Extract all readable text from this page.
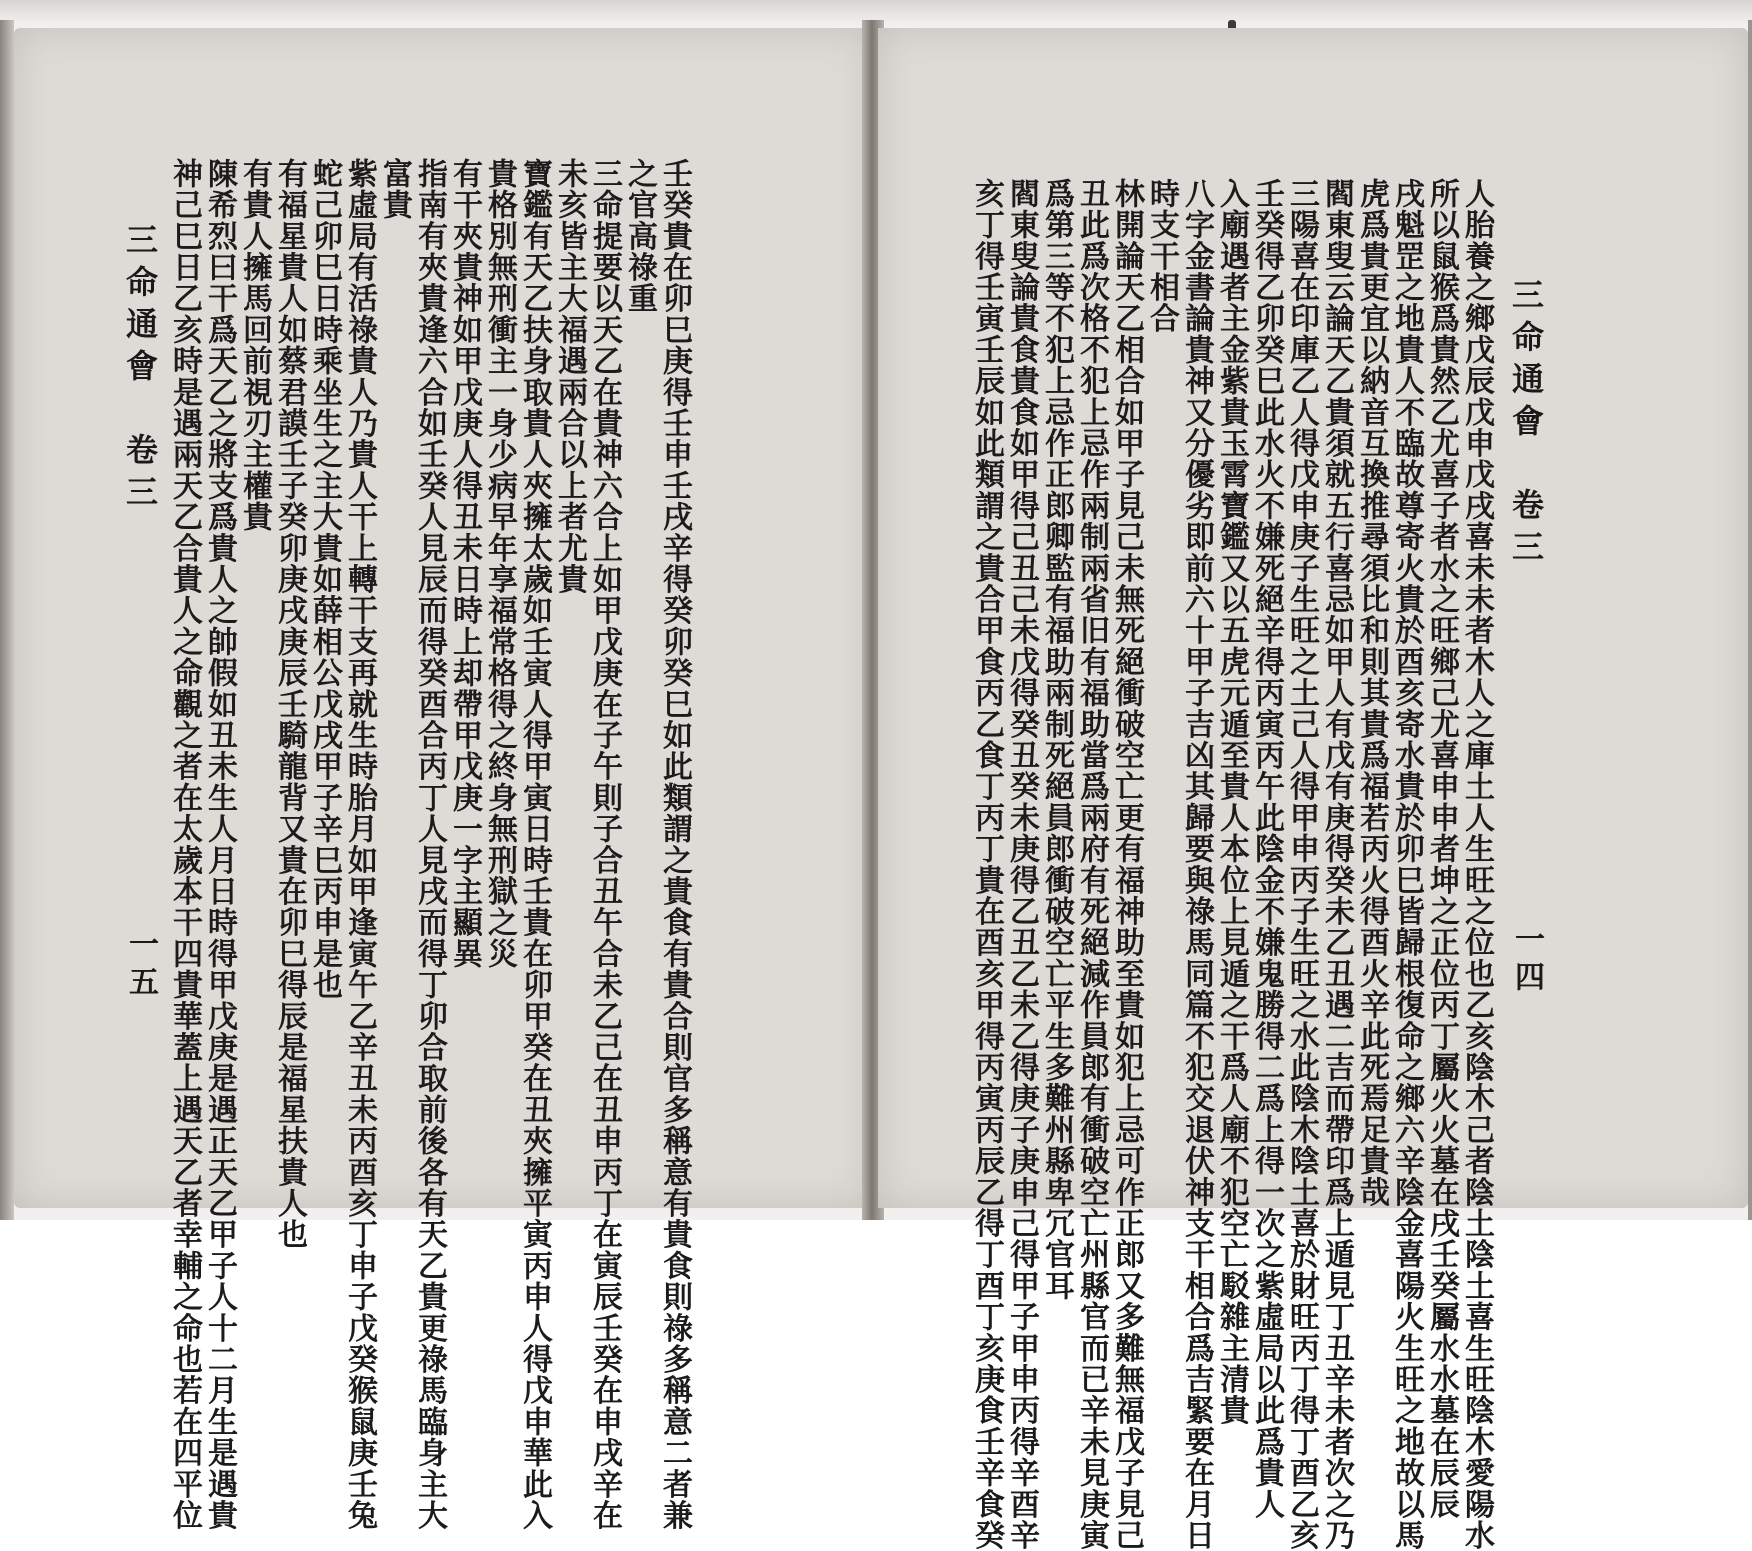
三命通會　卷三
一五 神己巳日乙亥時是遇兩天乙合貴人之命觀之者在太歲本干四貴華蓋上遇天乙者幸輔之命也若在四平位 陳希烈曰干爲天乙之將支爲貴人之帥假如丑未生人月日時得甲戊庚是遇正天乙甲子人十二月生是遇貴 有貴人擁馬回前視刃主權貴 有福星貴人如蔡君謨壬子癸卯庚戌庚辰壬騎龍背又貴在卯巳得辰是福星扶貴人也 蛇己卯巳日時乘坐生之主大貴如薛相公戊戌甲子辛巳丙申是也 紫虛局有活祿貴人乃貴人干上轉干支再就生時胎月如甲逢寅午乙辛丑未丙酉亥丁申子戊癸猴鼠庚壬兔 富貴 指南有夾貴逢六合如壬癸人見辰而得癸酉合丙丁人見戌而得丁卯合取前後各有天乙貴更祿馬臨身主大 有干夾貴神如甲戊庚人得丑未日時上却帶甲戊庚一字主顯異 貴格別無刑衝主一身少病早年享福常格得之終身無刑獄之災 寶鑑有天乙扶身取貴人夾擁太歲如壬寅人得甲寅日時壬貴在卯甲癸在丑夾擁平寅丙申人得戊申華此入 未亥皆主大福遇兩合以上者尤貴 三命提要以天乙在貴神六合上如甲戊庚在子午則子合丑午合未乙己在丑申丙丁在寅辰壬癸在申戌辛在 之官高祿重 壬癸貴在卯巳庚得壬申壬戌辛得癸卯癸巳如此類謂之貴食有貴合則官多稱意有貴食則祿多稱意二者兼	亥丁得壬寅壬辰如此類謂之貴合甲食丙乙食丁丙丁貴在酉亥甲得丙寅丙辰乙得丁酉丁亥庚食壬辛食癸 閻東叟論貴食貴食如甲得己丑己未戊得癸丑癸未庚得乙丑乙未乙得庚子庚申己得甲子甲申丙得辛酉辛 爲第三等不犯上忌作正郎卿監有福助兩制死絕員郎衝破空亡平生多難州縣卑冗官耳 丑此爲次格不犯上忌作兩制兩省旧有福助當爲兩府有死絕減作員郎有衝破空亡州縣官而已辛未見庚寅 林開論天乙相合如甲子見己未無死絕衝破空亡更有福神助至貴如犯上忌可作正郎又多難無福戊子見己 時支干相合 八字金書論貴神又分優劣即前六十甲子吉凶其歸要與祿馬同篇不犯交退伏神支干相合爲吉緊要在月日 入廟遇者主金紫貴玉霄寶鑑又以五虎元遁至貴人本位上見遁之干爲人廟不犯空亡駁雜主清貴 壬癸得乙卯癸巳此水火不嫌死絕辛得丙寅丙午此陰金不嫌鬼勝得二爲上得一次之紫虛局以此爲貴人 三陽喜在印庫乙人得戊申庚子生旺之土己人得甲申丙子生旺之水此陰木陰土喜於財旺丙丁得丁酉乙亥 閻東叟云論天乙貴須就五行喜忌如甲人有戊有庚得癸未乙丑遇二吉而帶印爲上遁見丁丑辛未者次之乃 虎爲貴更宜以納音互換推尋須比和則其貴爲福若丙火得酉火辛此死焉足貴哉 戌魁罡之地貴人不臨故尊寄火貴於酉亥寄水貴於卯巳皆歸根復命之鄉六辛陰金喜陽火生旺之地故以馬 所以鼠猴爲貴然乙尤喜子者水之旺鄉己尤喜申申者坤之正位丙丁屬火火墓在戌壬癸屬水水墓在辰辰 人胎養之鄉戊辰戊申戊戌喜未未者木人之庫土人生旺之位也乙亥陰木己者陰土陰土喜生旺陰木愛陽水 三命通會　卷三
一四
